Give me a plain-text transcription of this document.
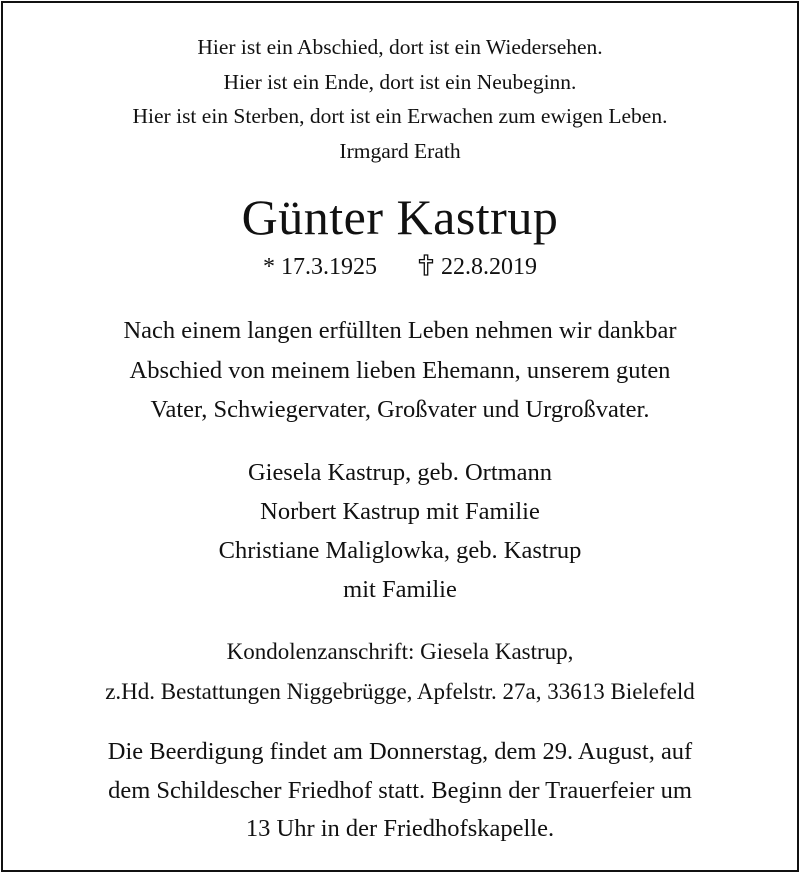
Hier ist ein Abschied, dort ist ein Wiedersehen.
Hier ist ein Ende, dort ist ein Neubeginn.
Hier ist ein Sterben, dort ist ein Erwachen zum ewigen Leben.
Irmgard Erath
Günter Kastrup
* 17.3.1925	22.8.2019
Nach einem langen erfüllten Leben nehmen wir dankbar
Abschied von meinem lieben Ehemann, unserem guten
Vater, Schwiegervater, Großvater und Urgroßvater.
Giesela Kastrup, geb. Ortmann
Norbert Kastrup mit Familie
Christiane Maliglowka, geb. Kastrup
mit Familie
Kondolenzanschrift: Giesela Kastrup,
z.Hd. Bestattungen Niggebrügge, Apfelstr. 27a, 33613 Bielefeld
Die Beerdigung findet am Donnerstag, dem 29. August, auf
dem Schildescher Friedhof statt. Beginn der Trauerfeier um
13 Uhr in der Friedhofskapelle.
